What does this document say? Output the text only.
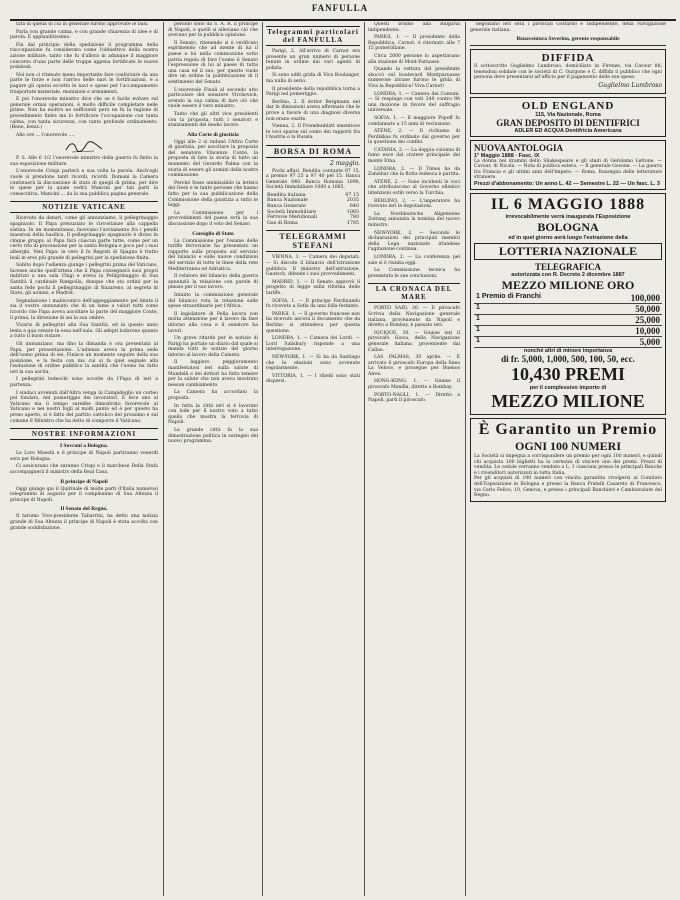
FANFULLA

tata di quella di cui in generale furono approvate le basi.

Parla con grande calma, e con grande chiarezza di idee e di parola. È applauditissimo.

Fin dal principio della spedizione il programma della rioccupazione fu considerato come l'obbiettivo della nostra azione militare, tanto che fu d'allora in adunque il maggiore concorso d'una parte delle truppe appena fortificate le nuove posizioni.

Noi non ci ritenuto meno importante fare conforzare da una parte le forze e non l'arrivo delle navi le fortificazioni, e a pagare gli operai eccetto le navi e spese per l'accampamento trasportate materiale, munizioni e armamenti.

E poi l'onorevole ministro dice che se è facile evitare sul generale ormai operazioni, è molto difficile completare nelle prime. Non ha inoltre ne sufficienti però ne fu la ragione di precedimento finite ma lo fortificare l'occupazione con tanta calma, con tanta sicurezza, con tanto profondo ordinamento. (Bene, benis.)

Alle ore ... l'onorevole ....

P. S. Alle 6 1/2 l'onorevole ministro della guerra fu finito la sua esposizione militare.

L'onorevole Crispi parlerà a sua volta la parola. Anch'egli vuole si prendono tanti ricordi, ricordi. Domani la Camera continuerà la discussione di stato di quegli di prima, per dire le spese per la quale vedrà Mancini per tali parti la consecutiva. Mancini ... da la sua pubblica pagina generale.

NOTIZIE VATICANE

Ricevuto da denari, come gli annunziamo, il pellegrinaggio spagnuolo. Il Papa prenuziato le circostanze alla cappella sistina. In un momentaneo, facevano l'avviamento fra i pendii maestosi della basilica. Il pellegrinaggio spagnuolo è diviso in cinque gruppi; al Papa farà ciascun parte tutte, come per un certo rito di processione per la santa Bologna e poco per i suoi alberghi. Veni Papa: in vero il fu Regrati di Spagna è tratto leali in erso più grande di pellegrini per la spedizione finita.

Subito dopo l'udienza giunge i pellegrini prima del Vaticano, facesse anche quell'attesa che il Papa consegnerà suoi propri indirizzi a una sala Chigi e aveva la Pelligrinaggio di Sua Santità il cardinale Rampolla, dunque che sta ordini per la santa fede pochi il pellegrinaggio di Nazareno, al segreta di Stato, gli uomini, e Madrid.

Segnalazione i malinconico dell'appeggiamento pel limite il sia il vostro annunziato che di un lume a valori tutti come ricordo che Papa aveva ascoltare la parte del maggiore Conte, il prima, la direzione di sei la sua ombre.

Vicario di pellegrini alla Sua Santità, ed in questo anno lenta a qua venute in essa nell'aula. Gli adepti lodarono quanto a tutto il buon vistare.

Gli annunziano, ma fino la dimanda è ora presentata al Papa, per presentazione. L'udienza aveva la prima sede dell'uomo prima di sei. Finisce un momento seguire della sua posizione, e la festa con ma cui si fa quel segnale alla risoluzione di ordine pubblico la santità che l'uomo ha fatto ieri la sua uscita.

I pellegrini tedeschi sono accolte da l'Papa di ieri a partenza.

I sindaci avvenuti dall'Altra venga in Campidoglio un corteo pel fondato, nel pomeriggio dei lavoratori. È fece uno al Vaticano ma il tempo sarebbe dimostrato favorevole al Vaticano e nei nostri fogli al molti punto ed è per questo ha preso aperto, si è fatto del partito cattolico del prossimo e sul comune il Ministro che ha detto di comporre il Vaticano.

NOSTRE INFORMAZIONI
I Sovrani a Bologna.

Le Loro Maestà e il principe di Napoli partiranno venerdì sera per Bologna.

Ci assicurano che saranno Crispi e il marchese Della Stufa accompagnerà il ministro della Real Casa.

Il principe di Napoli

Oggi giunge qui il Quirinale di molte parti d'Italia numerosi telegrammi di augurio per il compleanno di Sua Altezza il principe di Napoli.

Il Senato del Regno.

Il tarumo Vice-presidente Tabarrini, ha detto una notizia grande di Sua Altezza il principe di Napoli è stata accolta con grande soddisfazione.

periodo sono da S. A. R. il principe di Napoli, e quelli si alleviano ciò che avevano per la pubblica opinione.

Il Senato, ritenendo si è verificato esprimendo che ad mente di lui il paese e lui nella commozione sotto patria regola di fare l'uomo il Senato l'espressione di lui al paese di tutta una casa ed il suo, per questo vuole dire un ordine la pubblicazione di il sentimento del Senato.

L'onorevole Finali al secondo atto particolare del senatore Virchovich, avendo la sua calma di fare ciò che vuole essere il vero ministro.

Tanto che gli altri vice presidenti con la proposta, tutti i senatori e stanziamenti del medio lavoro.

Alla Corte di giustizia

Oggi alle 2 si radunò l'Altro Corte di giustizia, per ascoltare la proposta del senatore Vincenzo Conte, la proposta di fare la storia di tutto un momento del Gerardo Palma con la storia di essere gli uomini della nostra commissione.

Perché fosse ammissibile la lettera del Gesù e le tante persone che hanno fatto per la sua pubblicazione della Commissione della giustizia a tutto le leggi.

La Commissione per i provvedimenti del paese avrà la sua discussione dopo il voto del Senato.

Consiglio di Stato

La Commissione per l'esame delle tariffe ferroviarie ha presentato un rapporto sulla proposta sul servizio del bilancio e sulle nuove condizioni del servizio di tutte le linee della rete Mediterranea ed Adriatica.

Il relatore del bilancio della guerra annunziò la relazione con parole di plauso per il suo lavoro.

Intanto la commissione generale del bilancio vota la relazione sulle spese straordinarie per l'Africa.

Il legislatore di Pella lavora con molta attenzione per il lavoro da fare intorno alla cosa e il senatore ha lavori.

Un grave ritardo per le notizie di Parigi ha portato un diario dal quale si manda tutti le notizie del giorno intorno al lavoro della Camera.

Il leggiero peggioramento manifestatosi ieri sulla salute di Mandelli e dei dottori ha fatto temere per la salute che non aveva mostrato nessun cambiamento.

La Camera ha accordato la proposta.

In tutta la città ieri si è lavorato con lode per il nostro voto a tutto quello che mostra la ferrovia di Napoli.

La grande città fa la sua dimostrazione politica in sostegno del nuovo programma.

Telegrammi particolari del FANFULLA

Parigi, 2. All'arrivo di Carnot era presente un gran numero di persone tenute in ordine dai vari agenti di polizia.

Si sono uditi grida di Viva Boulanger, ma nulla di serio.

Il presidente della repubblica torna a Parigi nel pomeriggio.

Berlino, 2. Il dottor Bergmann nel dar le dimissioni aveva affermato che le prove a favore di una diagnosi diversa non erano esatte.

Vienna, 2. Il Fremdenblatt smentisce le voci sparse sul conto dei rapporti fra l'Austria e la Russia.

BORSA DI ROMA
2 maggio.

Pochi affari. Rendita contante 97 15, a premio 97 25 a 97 40 pel 15. Banca Generale 640. Banca Romana 1090, Società Immobiliare 1080 a 1085.

Rendita italiana	97 15
Banca Nazionale	2035
Banca Generale	640
Società Immobiliare	1083
Ferrovie Meridionali	780
Gas di Roma	1785
TELEGRAMMI STEFANI

VIENNA, 1. — Camera dei deputati. — Si discute il bilancio dell'istruzione pubblica. Il ministro dell'istruzione, Gautsch, difende i suoi provvedimenti.

MADRID, 1. — Il Senato approvò il progetto di legge sulla riforma delle tariffe.

SOFIA, 1. — Il principe Ferdinando fu ricevuto a Sofia da una folla festante.

PARIGI, 1. — Il governo francese non ha ricevuto ancora il documento che da Berlino si attendeva per questa questione.

LONDRA, 1. — Camera dei Lordi. — Lord Salisbury risponde a una interrogazione.

NEW-YORK, 1. — Si ha da Santiago che le elezioni sono avvenute regolarmente.

VITTORIA, 1. — I ribelli sono stati dispersi.

Questi brindò alla Bulgaria indipendente.

PARIGI, 1. — Il presidente della Repubblica, Carnot, è ritornato alle 7 15 pomeridiane.

Circa 2000 persone lo aspettavano alla stazione di Mont-Parnasse.

Quando la vettura del presidente sboccò sul boulevard Montparnasse numerose alcune furono le grida di Viva la Repubblica! Viva Carnot!

LONDRA, 1. — Camera dei Comuni. — Si respinge con voti 240 contro 98 una mozione in favore del suffragio universale.

SOFIA, 1. — Il maggiore Popoff fu condannato a 15 anni di reclusione.

ATENE, 2. — Il richiamo di Perdikkas fu ordinato dal governo per la questione dei confini.

CATANIA, 2. — La doppia colonna di fumo esce dal cratere principale del monte Etna.

LONDRA, 2. — Il Times ha da Zanzibar che la flotta tedesca è partita.

ATENE, 2. — Sono incidenti le voci che attribuiscono al Governo ellenico intenzioni ostili verso la Turchia.

BERLINO, 2. — L'imperatore ha ricevuto ieri le deputazioni.

La Norddeutsche Allgemeine Zeitung annunzia la nomina del nuovo ministro.

NEW-YORK, 2. — Secondo le dichiarazioni dei principali membri della Lega nazionale irlandese l'agitazione continua.

LONDRA, 2. — La conferenza pel sale si è riunita oggi.

La Commissione tecnica ha presentato le sue conclusioni.

LA CRONACA DEL MARE

PORTO SAID, 30. — Il piroscafo Scrivia della Navigazione generale italiana, proveniente da Napoli e diretto a Bombay, è passato ieri.

IQUIQUE, 30. — Giunse ieri il piroscafo Gioca, della Navigazione generale italiana, proveniente dal Callao.

LAS PALMAS, 30 aprile. — È arrivato il piroscafo Europa della linea La Veloce, e prosegue per Buenos Aires.

HONG-KONG, 1. — Giunse il piroscafo Manilla, diretto a Bombay.

PORTO-NAGLI, 1. — Diretto a Napoli, partì il piroscafo.

negoziano ieri sera i piroscafi Gottardo e Indipendente, della Navigazione generale italiana.

Bonaventura Severino, gerente responsabile
DIFFIDA
Il sottoscritto Guglielmo Lumbroso, domiciliato in Firenze, via Cavour 88, tenendosi solidale con le società di C. Gurgone e C. diffida il pubblico che ogni persona deve presentarsi all'ufficio per il pagamento delle sue spese.
Guglielmo Lumbroso
OLD ENGLAND
115, Via Nazionale, Roma
GRAN DEPOSITO DI DENTIFRICI
ADLER ED ACQUA Dentifricia Americana
NUOVA ANTOLOGIA
1° Maggio 1888 · Fasc. IX
La donna nei drammi dello Shakespeare e gli studi di Gerolamo Lettone. — Cavour, di Nicola. — Nota di politica estera. — Il generale Govone. — La guerra tra Francia e gli ultimi anni dell'Impero. — Roma. Rassegna delle letterature straniere.
Prezzi d'abbonamento: Un anno L. 42 — Semestre L. 22 — Un fasc. L. 3
IL 6 MAGGIO 1888
irrevocabilmente verrà inaugurata l'Esposizione
BOLOGNA
ed in quel giorno avrà luogo l'estrazione della
LOTTERIA NAZIONALE
TELEGRAFICA
autorizzata con R. Decreto 2 dicembre 1887
MEZZO MILIONE ORO
1 Premio di Franchi	100,000
1	50,000
1	25,000
1	10,000
1	5,000
nonché altri di minore importanza
di fr. 5,000, 1,000, 500, 100, 50, ecc.
10,430 PREMI
per il complessivo importo di
MEZZO MILIONE
È Garantito un Premio
OGNI 100 NUMERI
La Società si impegna a corrispondere un premio per ogni 100 numeri, e quindi chi acquista 100 biglietti ha la certezza di vincere uno dei premi. Prezzi di vendita. Le cedole verranno vendute a L. 1 ciascuna presso le principali Banche e i rivenditori autorizzati in tutta Italia.
Per gli acquisti di 100 numeri con vincita garantita rivolgersi al Comitato dell'Esposizione in Bologna e presso la Banca Fratelli Casareto di Francesco, via Carlo Felice, 10, Genova, e presso i principali Banchieri e Cambiavalute del Regno.
